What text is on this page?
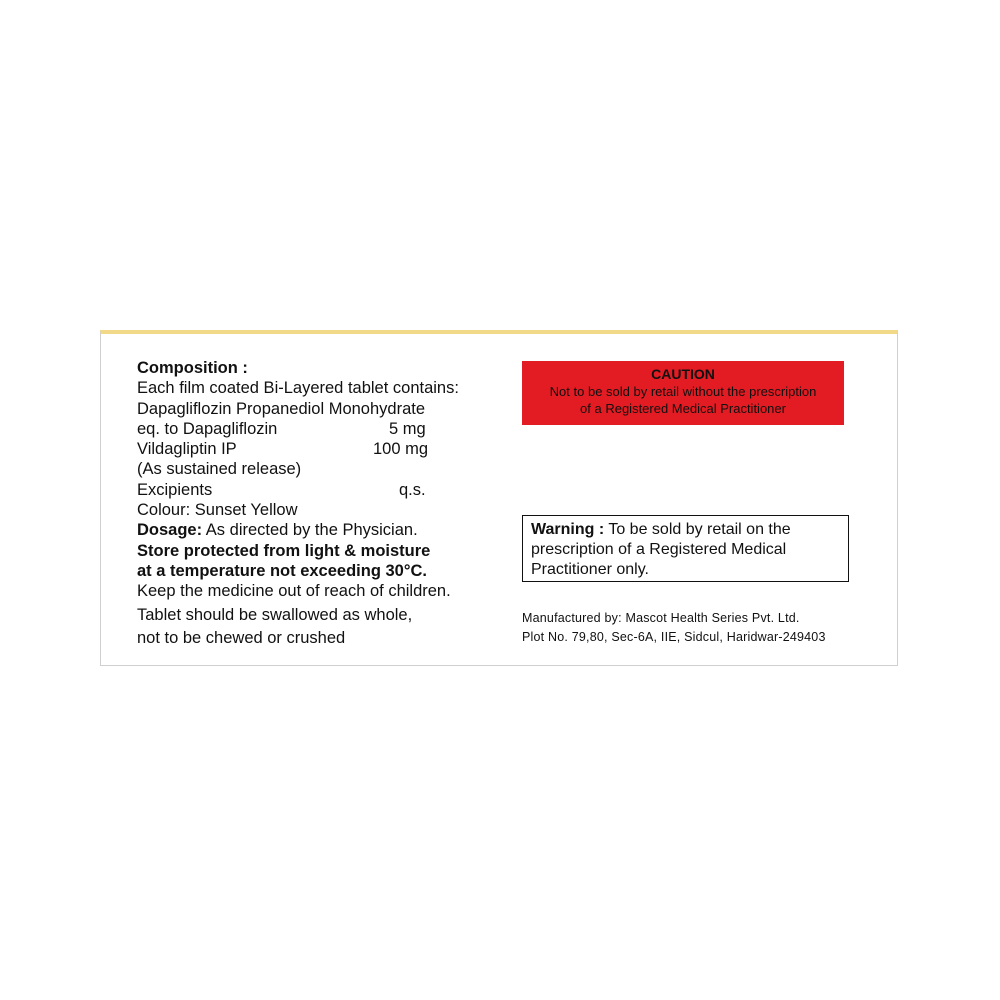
Composition :
Each film coated Bi-Layered tablet contains:
Dapagliflozin Propanediol Monohydrate
eq. to Dapagliflozin	5 mg
Vildagliptin IP	100 mg
(As sustained release)
Excipients	q.s.
Colour: Sunset Yellow
Dosage: As directed by the Physician.
Store protected from light & moisture
at a temperature not exceeding 30°C.
Keep the medicine out of reach of children.
Tablet should be swallowed as whole,
not to be chewed or crushed
CAUTION
Not to be sold by retail without the prescription
of a Registered Medical Practitioner
Warning : To be sold by retail on the
prescription of a Registered Medical
Practitioner only.
Manufactured by: Mascot Health Series Pvt. Ltd.
Plot No. 79,80, Sec-6A, IIE, Sidcul, Haridwar-249403
